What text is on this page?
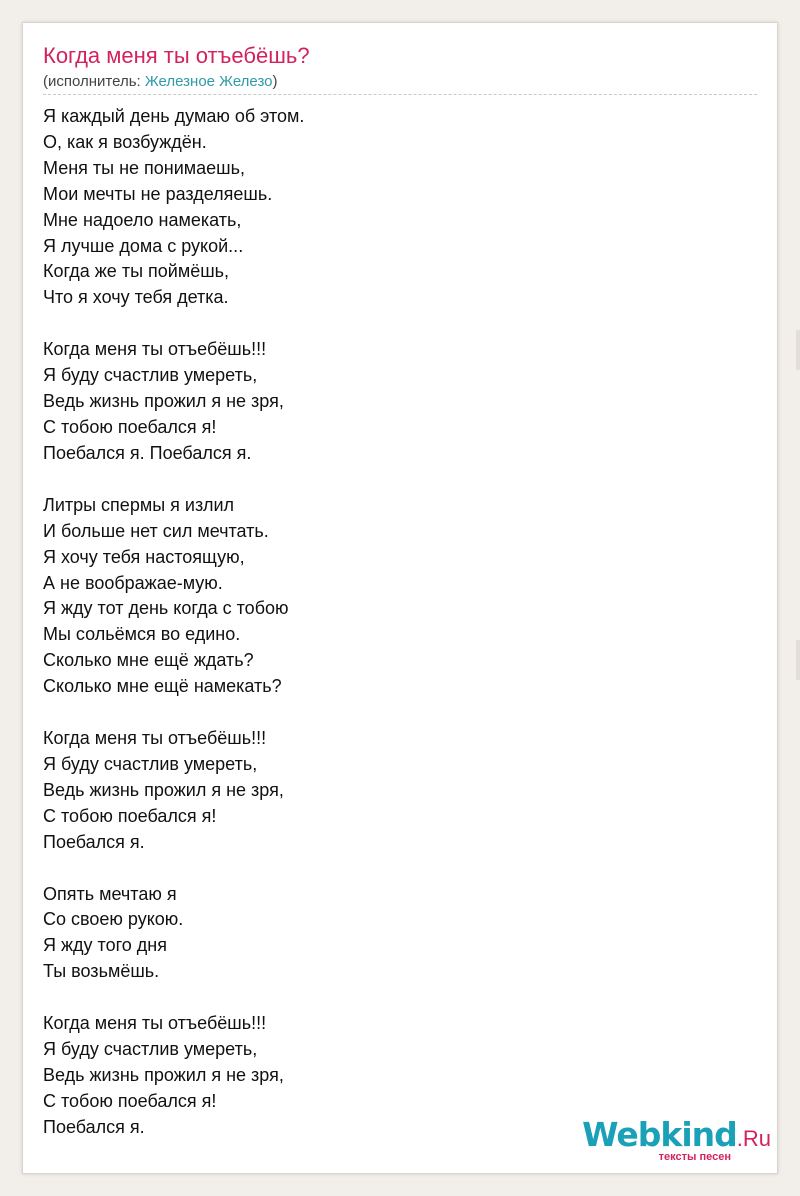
Когда меня ты отъебёшь?
(исполнитель: Железное Железо)
Я каждый день думаю об этом.
О, как я возбуждён.
Меня ты не понимаешь,
Мои мечты не разделяешь.
Мне надоело намекать,
Я лучше дома с рукой...
Когда же ты поймёшь,
Что я хочу тебя детка.
Когда меня ты отъебёшь!!!
Я буду счастлив умереть,
Ведь жизнь прожил я не зря,
С тобою поебался я!
Поебался я. Поебался я.
Литры спермы я излил
И больше нет сил мечтать.
Я хочу тебя настоящую,
А не воображае-мую.
Я жду тот день когда с тобою
Мы сольёмся во едино.
Сколько мне ещё ждать?
Сколько мне ещё намекать?
Когда меня ты отъебёшь!!!
Я буду счастлив умереть,
Ведь жизнь прожил я не зря,
С тобою поебался я!
Поебался я.
Опять мечтаю я
Со своею рукою.
Я жду того дня
Ты возьмёшь.
Когда меня ты отъебёшь!!!
Я буду счастлив умереть,
Ведь жизнь прожил я не зря,
С тобою поебался я!
Поебался я.	Webkind.Ru
тексты песен
